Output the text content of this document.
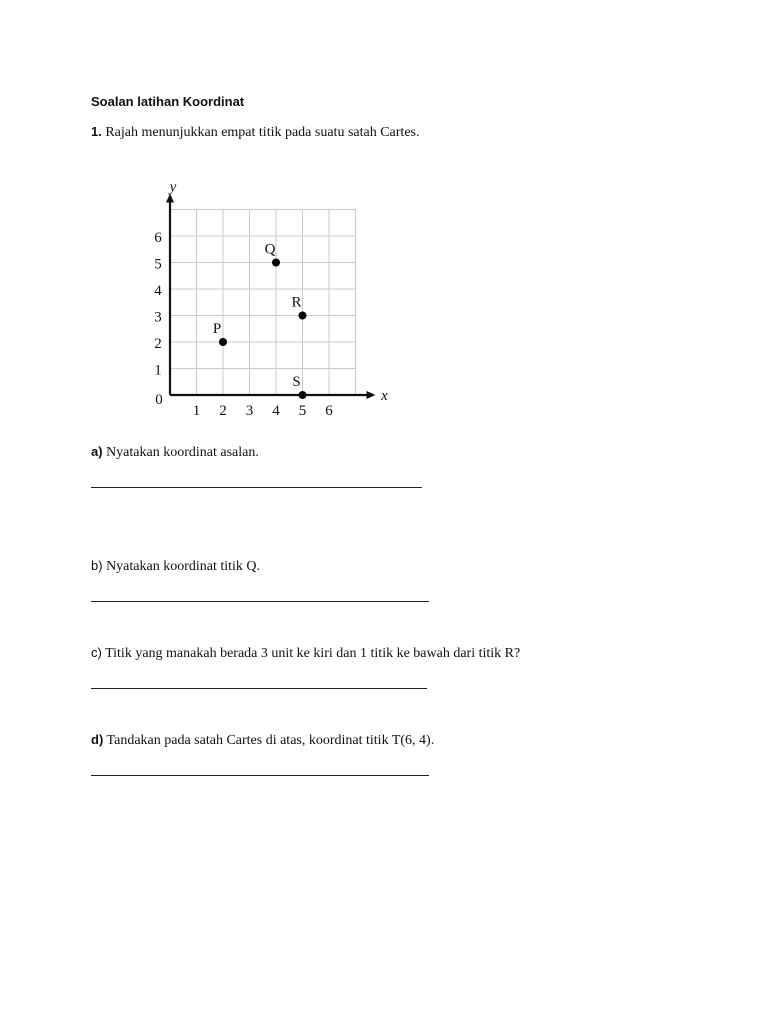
Soalan latihan Koordinat
1. Rajah menunjukkan empat titik pada suatu satah Cartes.
x
y
0
1 2 3 4 5 6
1
2
3
4
5
6
P
Q
R
S
a) Nyatakan koordinat asalan.
b) Nyatakan koordinat titik Q.
c) Titik yang manakah berada 3 unit ke kiri dan 1 titik ke bawah dari titik R?
d) Tandakan pada satah Cartes di atas, koordinat titik T(6, 4).
